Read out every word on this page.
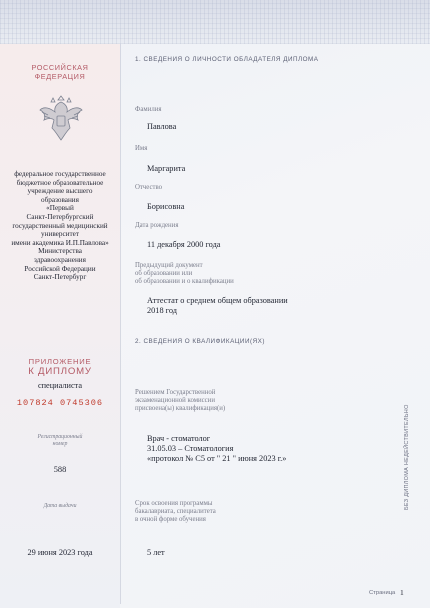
РОССИЙСКАЯ
ФЕДЕРАЦИЯ
федеральное государственное
бюджетное образовательное
учреждение высшего
образования
«Первый
Санкт-Петербургский
государственный медицинский
университет
имени академика И.П.Павлова»
Министерства
здравоохранения
Российской Федерации
Санкт-Петербург
ПРИЛОЖЕНИЕ
К ДИПЛОМУ
специалиста
107824 0745306
Регистрационный
номер
588
Дата выдачи
29 июня 2023 года
1. СВЕДЕНИЯ О ЛИЧНОСТИ ОБЛАДАТЕЛЯ ДИПЛОМА
Фамилия
Павлова
Имя
Маргарита
Отчество
Борисовна
Дата рождения
11 декабря 2000 года
Предыдущий документ
об образовании или
об образовании и о квалификации
Аттестат о среднем общем образовании
2018 год
2. СВЕДЕНИЯ О КВАЛИФИКАЦИИ(ЯХ)
Решением Государственной
экзаменационной комиссии
присвоена(ы) квалификация(и)
Врач - стоматолог
31.05.03 – Стоматология
«протокол № С5 от " 21 " июня 2023 г.»
Срок освоения программы
бакалавриата, специалитета
в очной форме обучения
5 лет
Страница 1
БЕЗ ДИПЛОМА НЕДЕЙСТВИТЕЛЬНО
